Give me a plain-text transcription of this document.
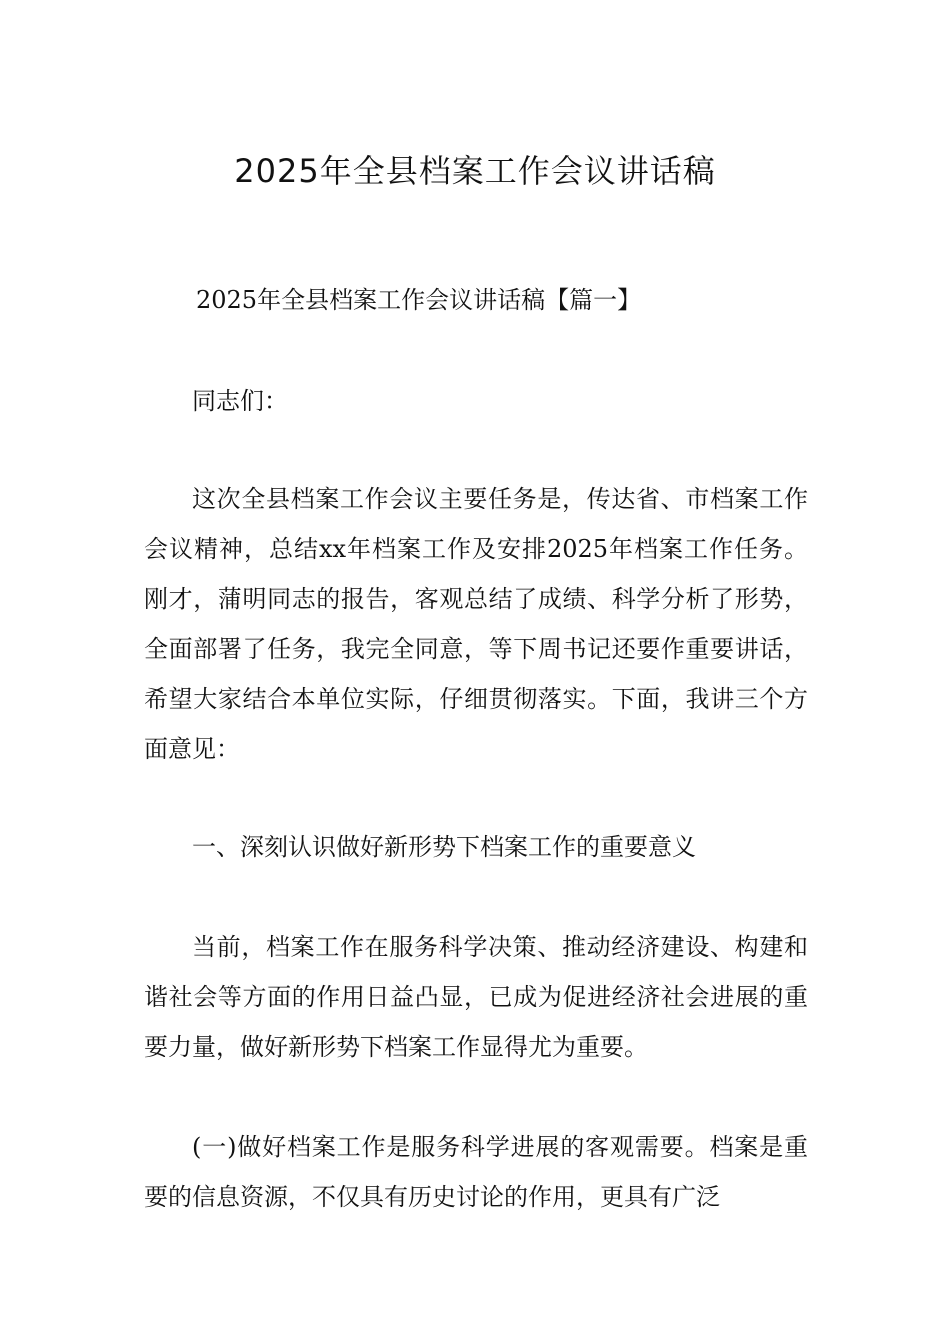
2025年全县档案工作会议讲话稿

2025年全县档案工作会议讲话稿【篇一】

同志们：

这次全县档案工作会议主要任务是，传达省、市档案工作会议精神，总结xx年档案工作及安排2025年档案工作任务。刚才，蒲明同志的报告，客观总结了成绩、科学分析了形势，全面部署了任务，我完全同意，等下周书记还要作重要讲话，希望大家结合本单位实际，仔细贯彻落实。下面，我讲三个方面意见：

一、深刻认识做好新形势下档案工作的重要意义

当前，档案工作在服务科学决策、推动经济建设、构建和谐社会等方面的作用日益凸显，已成为促进经济社会进展的重要力量，做好新形势下档案工作显得尤为重要。

(一)做好档案工作是服务科学进展的客观需要。档案是重要的信息资源，不仅具有历史讨论的作用，更具有广泛
